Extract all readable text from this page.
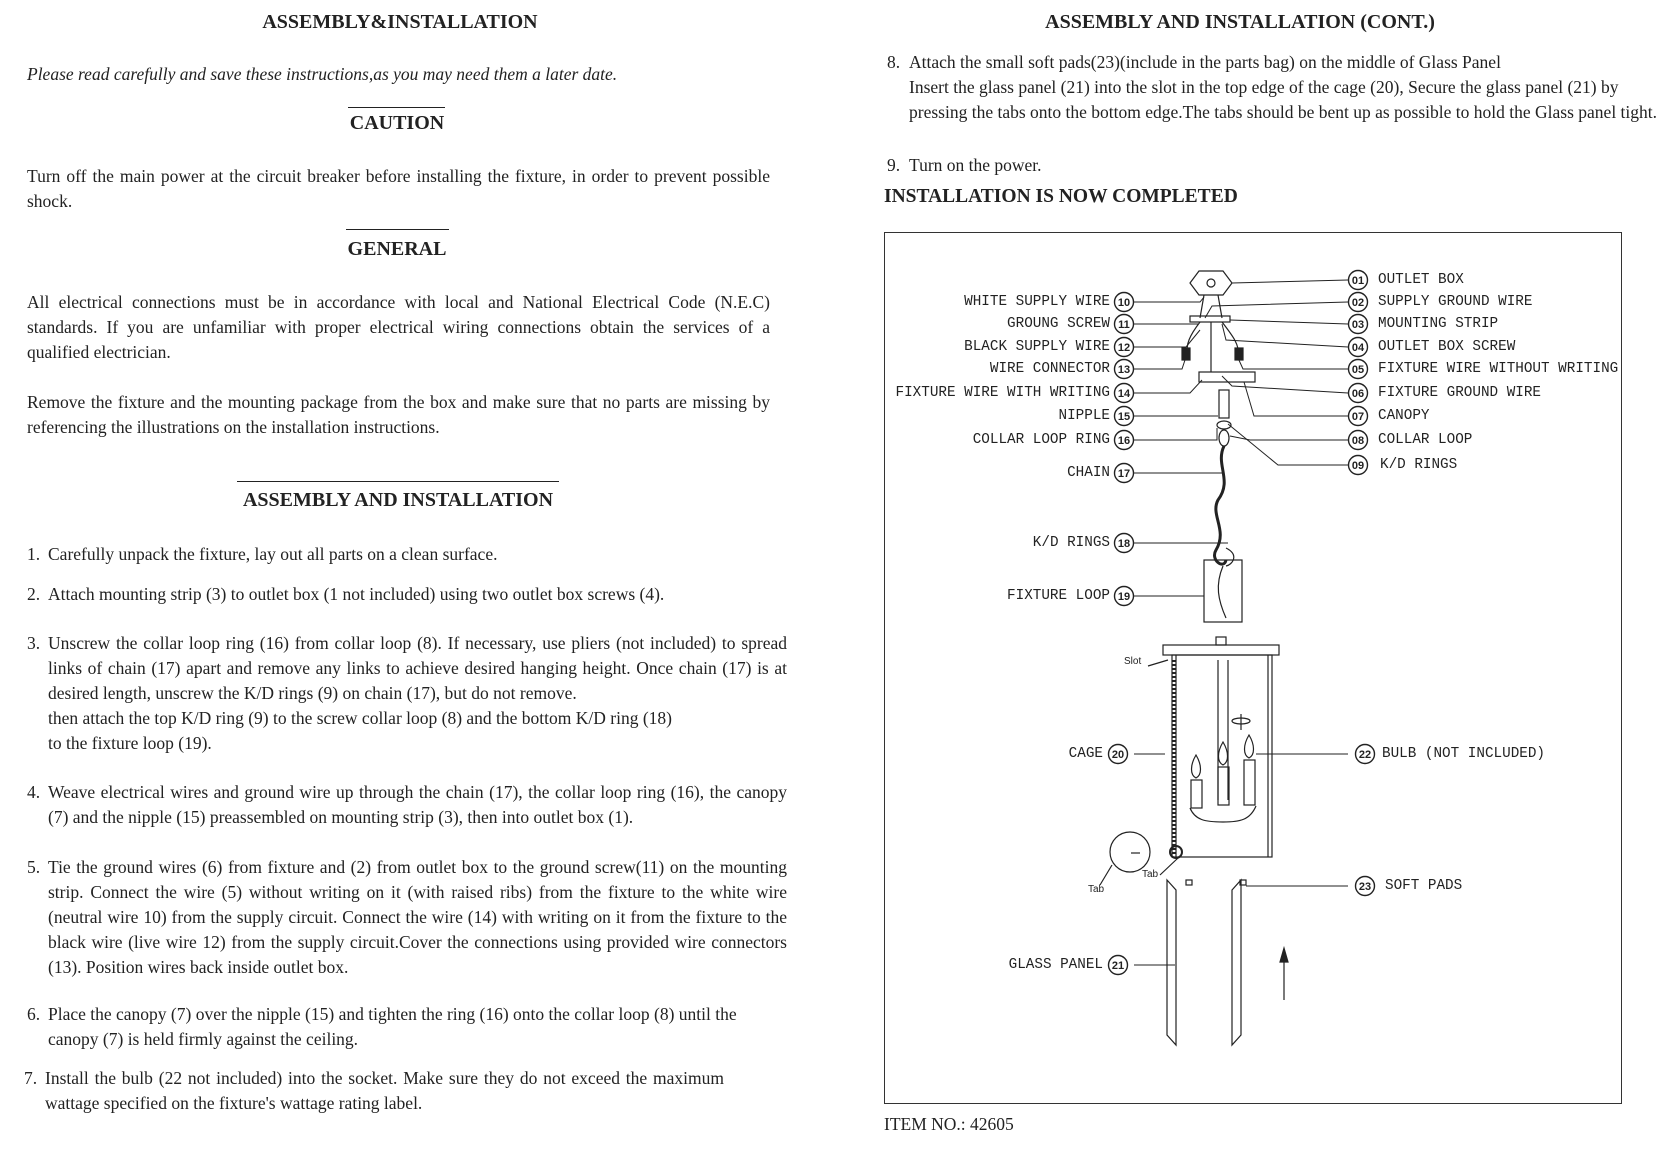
ASSEMBLY&INSTALLATION
Please read carefully and save these instructions,as you may need them a later date.
CAUTION
Turn off the main power at the circuit breaker before installing the fixture, in order to prevent possible shock.
GENERAL
All electrical connections must be in accordance with local and National Electrical Code (N.E.C) standards. If you are unfamiliar with proper electrical wiring connections obtain the services of a qualified electrician.
Remove the fixture and the mounting package from the box and make sure that no parts are missing by referencing the illustrations on the installation instructions.
ASSEMBLY AND INSTALLATION
1. Carefully unpack the fixture, lay out all parts on a clean surface.
2. Attach mounting strip (3) to outlet box (1 not included) using two outlet box screws (4).
3. Unscrew the collar loop ring (16) from collar loop (8). If necessary, use pliers (not included) to spread links of chain (17) apart and remove any links to achieve desired hanging height. Once chain (17) is at desired length, unscrew the K/D rings (9) on chain (17), but do not remove.
then attach the top K/D ring (9) to the screw collar loop (8) and the bottom K/D ring (18)
to the fixture loop (19).
4. Weave electrical wires and ground wire up through the chain (17), the collar loop ring (16), the canopy (7) and the nipple (15) preassembled on mounting strip (3), then into outlet box (1).
5. Tie the ground wires (6) from fixture and (2) from outlet box to the ground screw(11) on the mounting strip. Connect the wire (5) without writing on it (with raised ribs) from the fixture to the white wire (neutral wire 10) from the supply circuit. Connect the wire (14) with writing on it from the fixture to the black wire (live wire 12) from the supply circuit.Cover the connections using provided wire connectors (13). Position wires back inside outlet box.
6. Place the canopy (7) over the nipple (15) and tighten the ring (16) onto the collar loop (8) until the canopy (7) is held firmly against the ceiling.
7. Install the bulb (22 not included) into the socket. Make sure they do not exceed the maximum wattage specified on the fixture's wattage rating label.
ASSEMBLY AND INSTALLATION (CONT.)
8. Attach the small soft pads(23)(include in the parts bag) on the middle of Glass Panel
Insert the glass panel (21) into the slot in the top edge of the cage (20), Secure the glass panel (21) by pressing the tabs onto the bottom edge.The tabs should be bent up as possible to hold the Glass panel tight.
9. Turn on the power.
INSTALLATION IS NOW COMPLETED
10
11
12
13
14
15
16
17
18
19
20
21
01
02
03
04
05
06
07
08
09
22
23
WHITE SUPPLY WIRE
GROUNG SCREW
BLACK SUPPLY WIRE
WIRE CONNECTOR
FIXTURE WIRE WITH WRITING
NIPPLE
COLLAR LOOP RING
CHAIN
K/D RINGS
FIXTURE LOOP
CAGE
GLASS PANEL
OUTLET BOX
SUPPLY GROUND WIRE
MOUNTING STRIP
OUTLET BOX SCREW
FIXTURE WIRE WITHOUT WRITING
FIXTURE GROUND WIRE
CANOPY
COLLAR LOOP
K/D RINGS
BULB (NOT INCLUDED)
SOFT PADS
Slot
Tab
Tab
ITEM NO.: 42605
